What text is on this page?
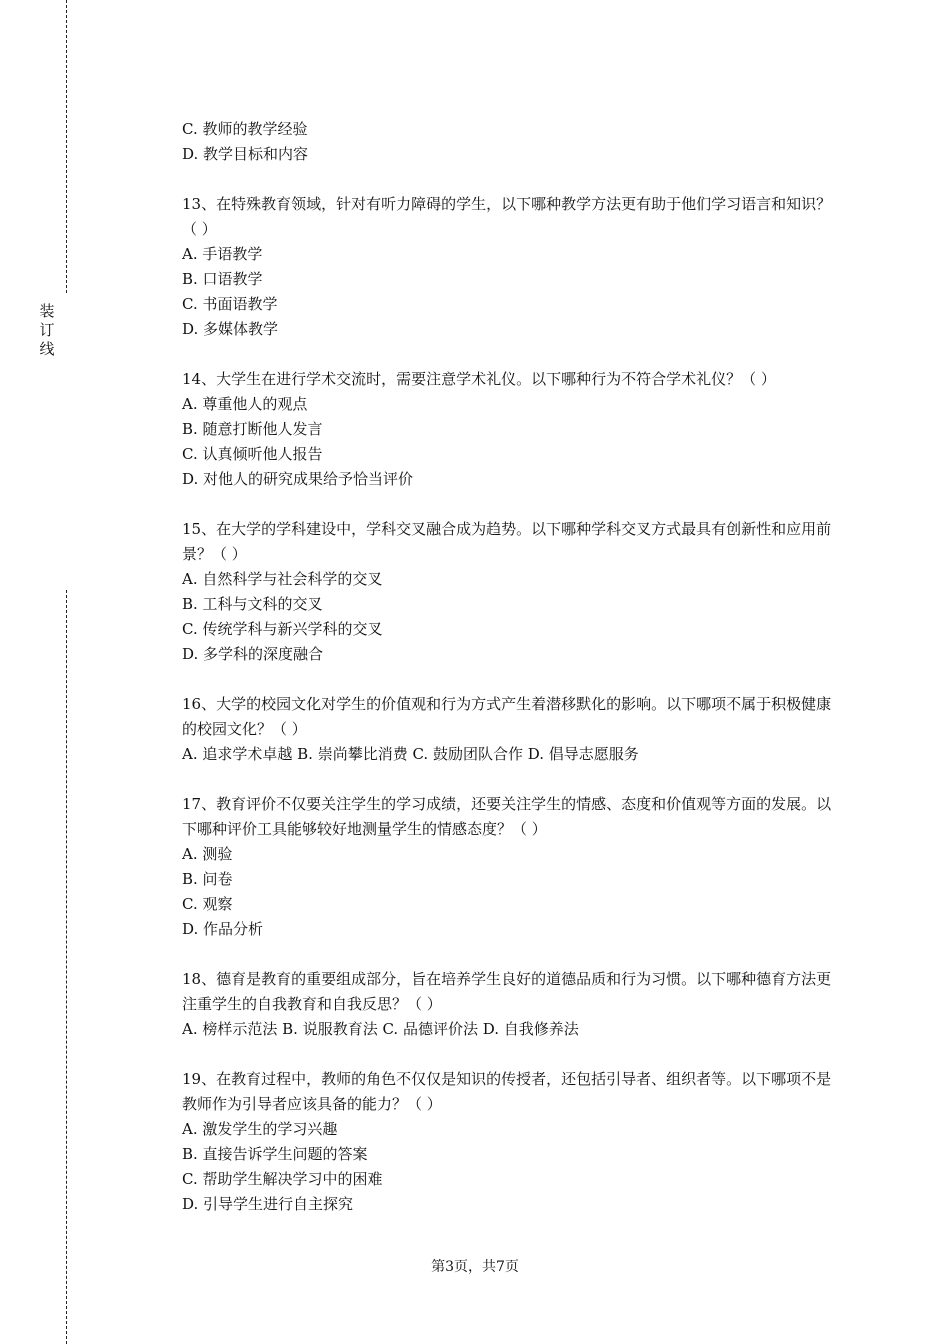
装订线
C. 教师的教学经验
D. 教学目标和内容
13、在特殊教育领域，针对有听力障碍的学生，以下哪种教学方法更有助于他们学习语言和知识？（ ）
A. 手语教学
B. 口语教学
C. 书面语教学
D. 多媒体教学
14、大学生在进行学术交流时，需要注意学术礼仪。以下哪种行为不符合学术礼仪？（ ）
A. 尊重他人的观点
B. 随意打断他人发言
C. 认真倾听他人报告
D. 对他人的研究成果给予恰当评价
15、在大学的学科建设中，学科交叉融合成为趋势。以下哪种学科交叉方式最具有创新性和应用前景？（ ）
A. 自然科学与社会科学的交叉
B. 工科与文科的交叉
C. 传统学科与新兴学科的交叉
D. 多学科的深度融合
16、大学的校园文化对学生的价值观和行为方式产生着潜移默化的影响。以下哪项不属于积极健康的校园文化？（ ）
A. 追求学术卓越 B. 崇尚攀比消费 C. 鼓励团队合作 D. 倡导志愿服务
17、教育评价不仅要关注学生的学习成绩，还要关注学生的情感、态度和价值观等方面的发展。以下哪种评价工具能够较好地测量学生的情感态度？（ ）
A. 测验
B. 问卷
C. 观察
D. 作品分析
18、德育是教育的重要组成部分，旨在培养学生良好的道德品质和行为习惯。以下哪种德育方法更注重学生的自我教育和自我反思？（ ）
A. 榜样示范法 B. 说服教育法 C. 品德评价法 D. 自我修养法
19、在教育过程中，教师的角色不仅仅是知识的传授者，还包括引导者、组织者等。以下哪项不是教师作为引导者应该具备的能力？（ ）
A. 激发学生的学习兴趣
B. 直接告诉学生问题的答案
C. 帮助学生解决学习中的困难
D. 引导学生进行自主探究
第3页，共7页
